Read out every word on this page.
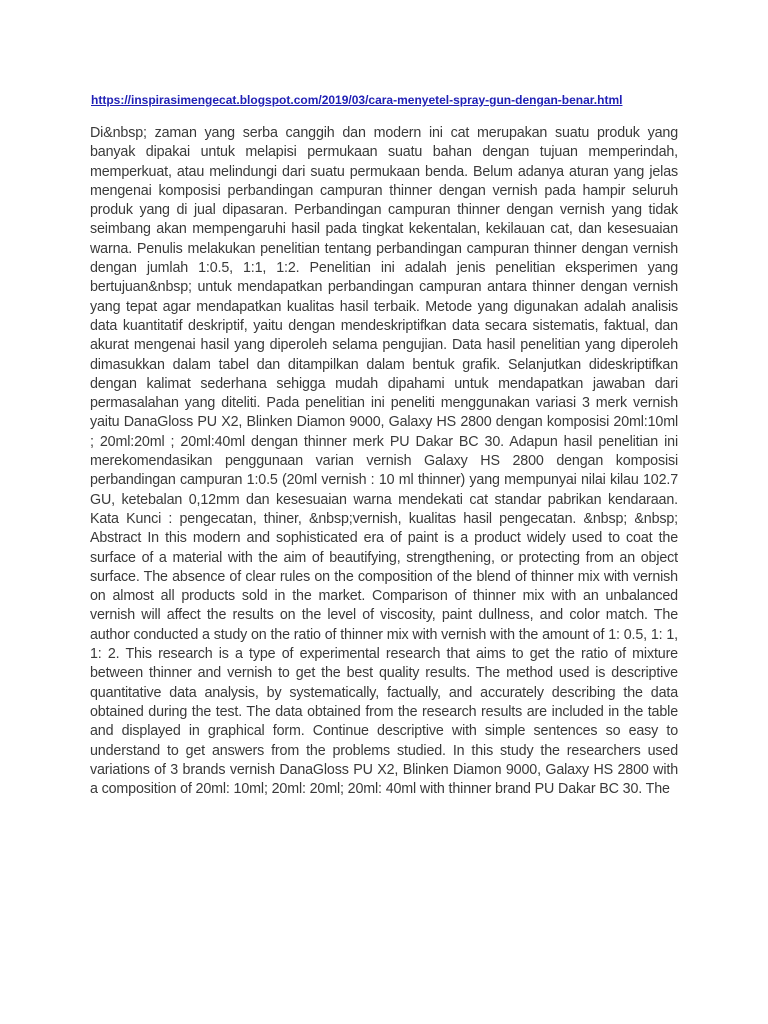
https://inspirasimengecat.blogspot.com/2019/03/cara-menyetel-spray-gun-dengan-benar.html

Di&nbsp; zaman yang serba canggih dan modern ini cat merupakan suatu produk yang banyak dipakai untuk melapisi permukaan suatu bahan dengan tujuan memperindah, memperkuat, atau melindungi dari suatu permukaan benda. Belum adanya aturan yang jelas mengenai komposisi perbandingan campuran thinner dengan vernish pada hampir seluruh produk yang di jual dipasaran. Perbandingan campuran thinner dengan vernish yang tidak seimbang akan mempengaruhi hasil pada tingkat kekentalan, kekilauan cat, dan kesesuaian warna. Penulis melakukan penelitian tentang perbandingan campuran thinner dengan vernish dengan jumlah 1:0.5, 1:1, 1:2. Penelitian ini adalah jenis penelitian eksperimen yang bertujuan&nbsp; untuk mendapatkan perbandingan campuran antara thinner dengan vernish yang tepat agar mendapatkan kualitas hasil terbaik. Metode yang digunakan adalah analisis data kuantitatif deskriptif, yaitu dengan mendeskriptifkan data secara sistematis, faktual, dan akurat mengenai hasil yang diperoleh selama pengujian. Data hasil penelitian yang diperoleh dimasukkan dalam tabel dan ditampilkan dalam bentuk grafik. Selanjutkan dideskriptifkan dengan kalimat sederhana sehigga mudah dipahami untuk mendapatkan jawaban dari permasalahan yang diteliti. Pada penelitian ini peneliti menggunakan variasi 3 merk vernish yaitu DanaGloss PU X2, Blinken Diamon 9000, Galaxy HS 2800 dengan komposisi 20ml:10ml ; 20ml:20ml ; 20ml:40ml dengan thinner merk PU Dakar BC 30. Adapun hasil penelitian ini merekomendasikan penggunaan varian vernish Galaxy HS 2800 dengan komposisi perbandingan campuran 1:0.5 (20ml vernish : 10 ml thinner) yang mempunyai nilai kilau 102.7 GU, ketebalan 0,12mm dan kesesuaian warna mendekati cat standar pabrikan kendaraan. Kata Kunci : pengecatan, thiner, &nbsp;vernish, kualitas hasil pengecatan. &nbsp; &nbsp; Abstract In this modern and sophisticated era of paint is a product widely used to coat the surface of a material with the aim of beautifying, strengthening, or protecting from an object surface. The absence of clear rules on the composition of the blend of thinner mix with vernish on almost all products sold in the market. Comparison of thinner mix with an unbalanced vernish will affect the results on the level of viscosity, paint dullness, and color match. The author conducted a study on the ratio of thinner mix with vernish with the amount of 1: 0.5, 1: 1, 1: 2. This research is a type of experimental research that aims to get the ratio of mixture between thinner and vernish to get the best quality results. The method used is descriptive quantitative data analysis, by systematically, factually, and accurately describing the data obtained during the test. The data obtained from the research results are included in the table and displayed in graphical form. Continue descriptive with simple sentences so easy to understand to get answers from the problems studied. In this study the researchers used variations of 3 brands vernish DanaGloss PU X2, Blinken Diamon 9000, Galaxy HS 2800 with a composition of 20ml: 10ml; 20ml: 20ml; 20ml: 40ml with thinner brand PU Dakar BC 30. The
